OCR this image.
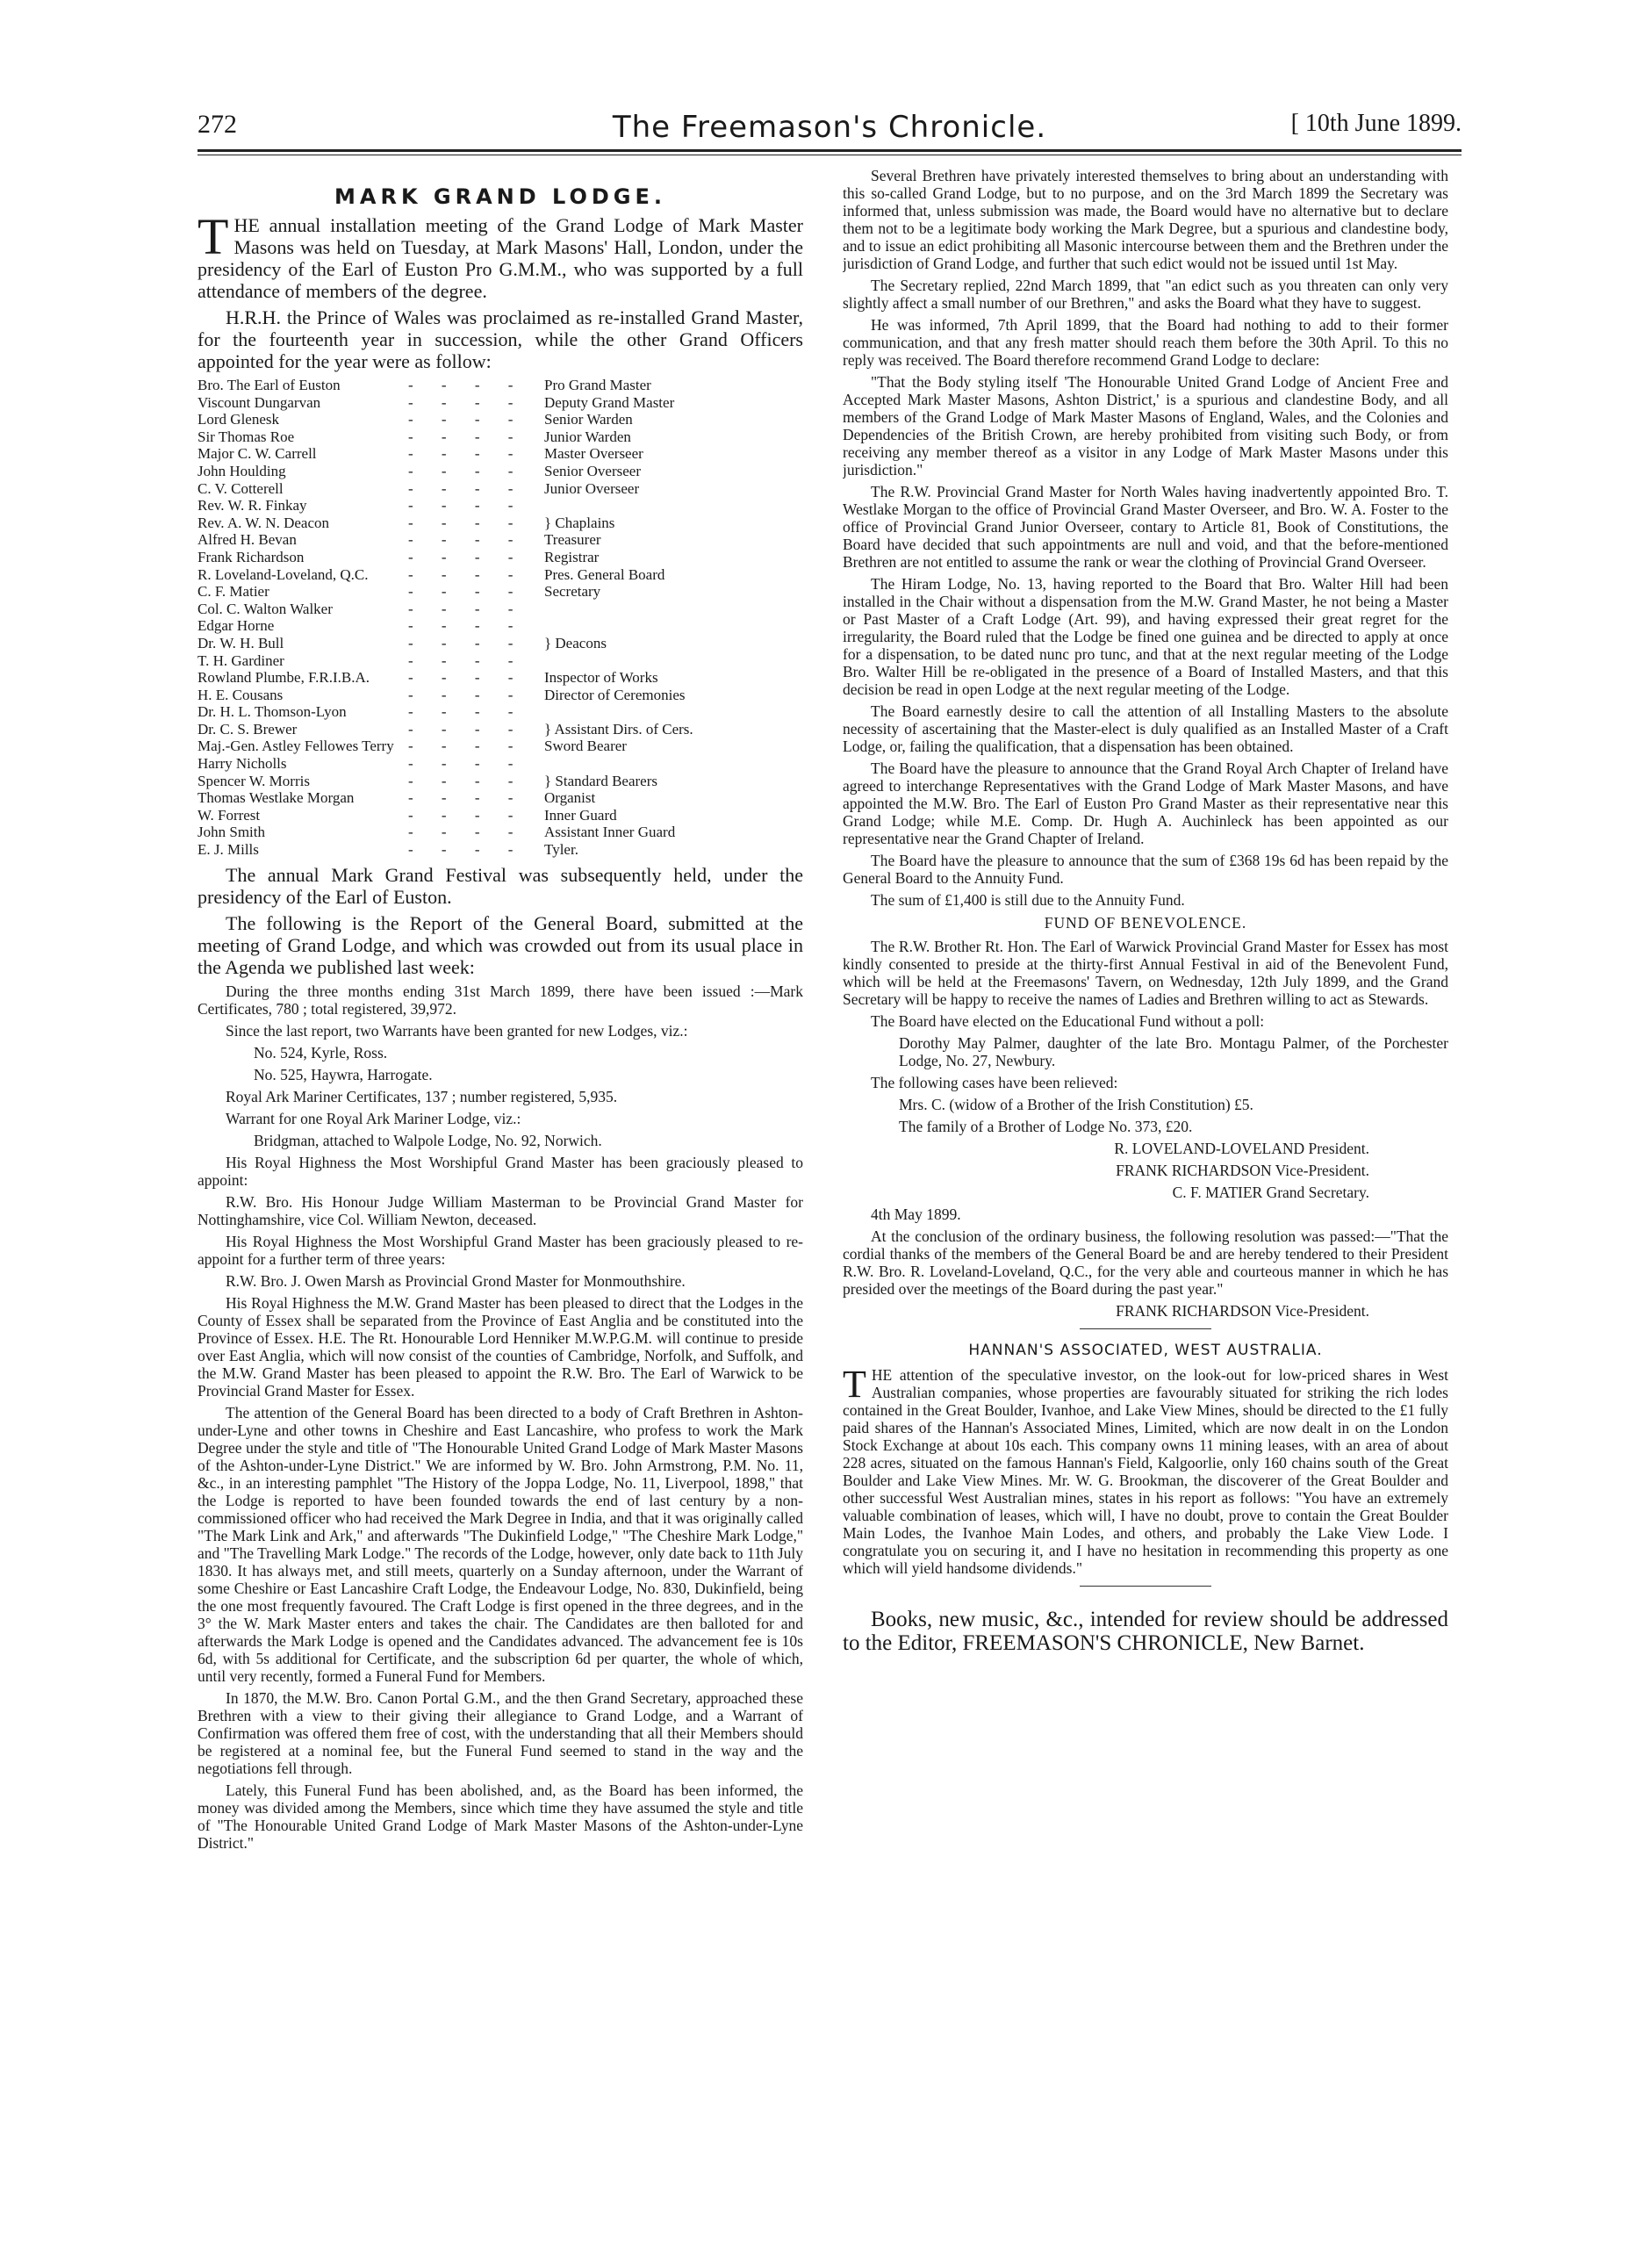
272	The Freemason's Chronicle.	[ 10th June 1899.
MARK GRAND LODGE.

THE annual installation meeting of the Grand Lodge of Mark Master Masons was held on Tuesday, at Mark Masons' Hall, London, under the presidency of the Earl of Euston Pro G.M.M., who was supported by a full attendance of members of the degree.

H.R.H. the Prince of Wales was proclaimed as re-installed Grand Master, for the fourteenth year in succession, while the other Grand Officers appointed for the year were as follow:

Bro. The Earl of Euston	- - - -	Pro Grand Master
Viscount Dungarvan	- - - -	Deputy Grand Master
Lord Glenesk	- - - -	Senior Warden
Sir Thomas Roe	- - - -	Junior Warden
Major C. W. Carrell	- - - -	Master Overseer
John Houlding	- - - -	Senior Overseer
C. V. Cotterell	- - - -	Junior Overseer
Rev. W. R. Finkay	- - - -
Rev. A. W. N. Deacon	- - - -	} Chaplains
Alfred H. Bevan	- - - -	Treasurer
Frank Richardson	- - - -	Registrar
R. Loveland-Loveland, Q.C.	- - - -	Pres. General Board
C. F. Matier	- - - -	Secretary
Col. C. Walton Walker	- - - -
Edgar Horne	- - - -
Dr. W. H. Bull	- - - -	} Deacons
T. H. Gardiner	- - - -
Rowland Plumbe, F.R.I.B.A.	- - - -	Inspector of Works
H. E. Cousans	- - - -	Director of Ceremonies
Dr. H. L. Thomson-Lyon	- - - -
Dr. C. S. Brewer	- - - -	} Assistant Dirs. of Cers.
Maj.-Gen. Astley Fellowes Terry - - - -	Sword Bearer
Harry Nicholls	- - - -
Spencer W. Morris	- - - -	} Standard Bearers
Thomas Westlake Morgan	- - - -	Organist
W. Forrest	- - - -	Inner Guard
John Smith	- - - -	Assistant Inner Guard
E. J. Mills	- - - -	Tyler.

The annual Mark Grand Festival was subsequently held, under the presidency of the Earl of Euston.

The following is the Report of the General Board, submitted at the meeting of Grand Lodge, and which was crowded out from its usual place in the Agenda we published last week:

During the three months ending 31st March 1899, there have been issued :—Mark Certificates, 780 ; total registered, 39,972.

Since the last report, two Warrants have been granted for new Lodges, viz.:

No. 524, Kyrle, Ross.

No. 525, Haywra, Harrogate.

Royal Ark Mariner Certificates, 137 ; number registered, 5,935.

Warrant for one Royal Ark Mariner Lodge, viz.:

Bridgman, attached to Walpole Lodge, No. 92, Norwich.

His Royal Highness the Most Worshipful Grand Master has been graciously pleased to appoint:

R.W. Bro. His Honour Judge William Masterman to be Provincial Grand Master for Nottinghamshire, vice Col. William Newton, deceased.

His Royal Highness the Most Worshipful Grand Master has been graciously pleased to re-appoint for a further term of three years:

R.W. Bro. J. Owen Marsh as Provincial Grond Master for Monmouthshire.

His Royal Highness the M.W. Grand Master has been pleased to direct that the Lodges in the County of Essex shall be separated from the Province of East Anglia and be constituted into the Province of Essex. H.E. The Rt. Honourable Lord Henniker M.W.P.G.M. will continue to preside over East Anglia, which will now consist of the counties of Cambridge, Norfolk, and Suffolk, and the M.W. Grand Master has been pleased to appoint the R.W. Bro. The Earl of Warwick to be Provincial Grand Master for Essex.

The attention of the General Board has been directed to a body of Craft Brethren in Ashton-under-Lyne and other towns in Cheshire and East Lancashire, who profess to work the Mark Degree under the style and title of "The Honourable United Grand Lodge of Mark Master Masons of the Ashton-under-Lyne District." We are informed by W. Bro. John Armstrong, P.M. No. 11, &c., in an interesting pamphlet "The History of the Joppa Lodge, No. 11, Liverpool, 1898," that the Lodge is reported to have been founded towards the end of last century by a non-commissioned officer who had received the Mark Degree in India, and that it was originally called "The Mark Link and Ark," and afterwards "The Dukinfield Lodge," "The Cheshire Mark Lodge," and "The Travelling Mark Lodge." The records of the Lodge, however, only date back to 11th July 1830. It has always met, and still meets, quarterly on a Sunday afternoon, under the Warrant of some Cheshire or East Lancashire Craft Lodge, the Endeavour Lodge, No. 830, Dukinfield, being the one most frequently favoured. The Craft Lodge is first opened in the three degrees, and in the 3° the W. Mark Master enters and takes the chair. The Candidates are then balloted for and afterwards the Mark Lodge is opened and the Candidates advanced. The advancement fee is 10s 6d, with 5s additional for Certificate, and the subscription 6d per quarter, the whole of which, until very recently, formed a Funeral Fund for Members.

In 1870, the M.W. Bro. Canon Portal G.M., and the then Grand Secretary, approached these Brethren with a view to their giving their allegiance to Grand Lodge, and a Warrant of Confirmation was offered them free of cost, with the understanding that all their Members should be registered at a nominal fee, but the Funeral Fund seemed to stand in the way and the negotiations fell through.

Lately, this Funeral Fund has been abolished, and, as the Board has been informed, the money was divided among the Members, since which time they have assumed the style and title of "The Honourable United Grand Lodge of Mark Master Masons of the Ashton-under-Lyne District."

Several Brethren have privately interested themselves to bring about an understanding with this so-called Grand Lodge, but to no purpose, and on the 3rd March 1899 the Secretary was informed that, unless submission was made, the Board would have no alternative but to declare them not to be a legitimate body working the Mark Degree, but a spurious and clandestine body, and to issue an edict prohibiting all Masonic intercourse between them and the Brethren under the jurisdiction of Grand Lodge, and further that such edict would not be issued until 1st May.

The Secretary replied, 22nd March 1899, that "an edict such as you threaten can only very slightly affect a small number of our Brethren," and asks the Board what they have to suggest.

He was informed, 7th April 1899, that the Board had nothing to add to their former communication, and that any fresh matter should reach them before the 30th April. To this no reply was received. The Board therefore recommend Grand Lodge to declare:

"That the Body styling itself 'The Honourable United Grand Lodge of Ancient Free and Accepted Mark Master Masons, Ashton District,' is a spurious and clandestine Body, and all members of the Grand Lodge of Mark Master Masons of England, Wales, and the Colonies and Dependencies of the British Crown, are hereby prohibited from visiting such Body, or from receiving any member thereof as a visitor in any Lodge of Mark Master Masons under this jurisdiction."

The R.W. Provincial Grand Master for North Wales having inadvertently appointed Bro. T. Westlake Morgan to the office of Provincial Grand Master Overseer, and Bro. W. A. Foster to the office of Provincial Grand Junior Overseer, contary to Article 81, Book of Constitutions, the Board have decided that such appointments are null and void, and that the before-mentioned Brethren are not entitled to assume the rank or wear the clothing of Provincial Grand Overseer.

The Hiram Lodge, No. 13, having reported to the Board that Bro. Walter Hill had been installed in the Chair without a dispensation from the M.W. Grand Master, he not being a Master or Past Master of a Craft Lodge (Art. 99), and having expressed their great regret for the irregularity, the Board ruled that the Lodge be fined one guinea and be directed to apply at once for a dispensation, to be dated nunc pro tunc, and that at the next regular meeting of the Lodge Bro. Walter Hill be re-obligated in the presence of a Board of Installed Masters, and that this decision be read in open Lodge at the next regular meeting of the Lodge.

The Board earnestly desire to call the attention of all Installing Masters to the absolute necessity of ascertaining that the Master-elect is duly qualified as an Installed Master of a Craft Lodge, or, failing the qualification, that a dispensation has been obtained.

The Board have the pleasure to announce that the Grand Royal Arch Chapter of Ireland have agreed to interchange Representatives with the Grand Lodge of Mark Master Masons, and have appointed the M.W. Bro. The Earl of Euston Pro Grand Master as their representative near this Grand Lodge; while M.E. Comp. Dr. Hugh A. Auchinleck has been appointed as our representative near the Grand Chapter of Ireland.

The Board have the pleasure to announce that the sum of £368 19s 6d has been repaid by the General Board to the Annuity Fund.

The sum of £1,400 is still due to the Annuity Fund.

FUND OF BENEVOLENCE.

The R.W. Brother Rt. Hon. The Earl of Warwick Provincial Grand Master for Essex has most kindly consented to preside at the thirty-first Annual Festival in aid of the Benevolent Fund, which will be held at the Freemasons' Tavern, on Wednesday, 12th July 1899, and the Grand Secretary will be happy to receive the names of Ladies and Brethren willing to act as Stewards.

The Board have elected on the Educational Fund without a poll:

Dorothy May Palmer, daughter of the late Bro. Montagu Palmer, of the Porchester Lodge, No. 27, Newbury.

The following cases have been relieved:

Mrs. C. (widow of a Brother of the Irish Constitution) £5.

The family of a Brother of Lodge No. 373, £20.

R. LOVELAND-LOVELAND President.

FRANK RICHARDSON Vice-President.

C. F. MATIER Grand Secretary.

4th May 1899.

At the conclusion of the ordinary business, the following resolution was passed:—"That the cordial thanks of the members of the General Board be and are hereby tendered to their President R.W. Bro. R. Loveland-Loveland, Q.C., for the very able and courteous manner in which he has presided over the meetings of the Board during the past year."

FRANK RICHARDSON Vice-President.

HANNAN'S ASSOCIATED, WEST AUSTRALIA.

THE attention of the speculative investor, on the look-out for low-priced shares in West Australian companies, whose properties are favourably situated for striking the rich lodes contained in the Great Boulder, Ivanhoe, and Lake View Mines, should be directed to the £1 fully paid shares of the Hannan's Associated Mines, Limited, which are now dealt in on the London Stock Exchange at about 10s each. This company owns 11 mining leases, with an area of about 228 acres, situated on the famous Hannan's Field, Kalgoorlie, only 160 chains south of the Great Boulder and Lake View Mines. Mr. W. G. Brookman, the discoverer of the Great Boulder and other successful West Australian mines, states in his report as follows: "You have an extremely valuable combination of leases, which will, I have no doubt, prove to contain the Great Boulder Main Lodes, the Ivanhoe Main Lodes, and others, and probably the Lake View Lode. I congratulate you on securing it, and I have no hesitation in recommending this property as one which will yield handsome dividends."

Books, new music, &c., intended for review should be addressed to the Editor, FREEMASON'S CHRONICLE, New Barnet.
